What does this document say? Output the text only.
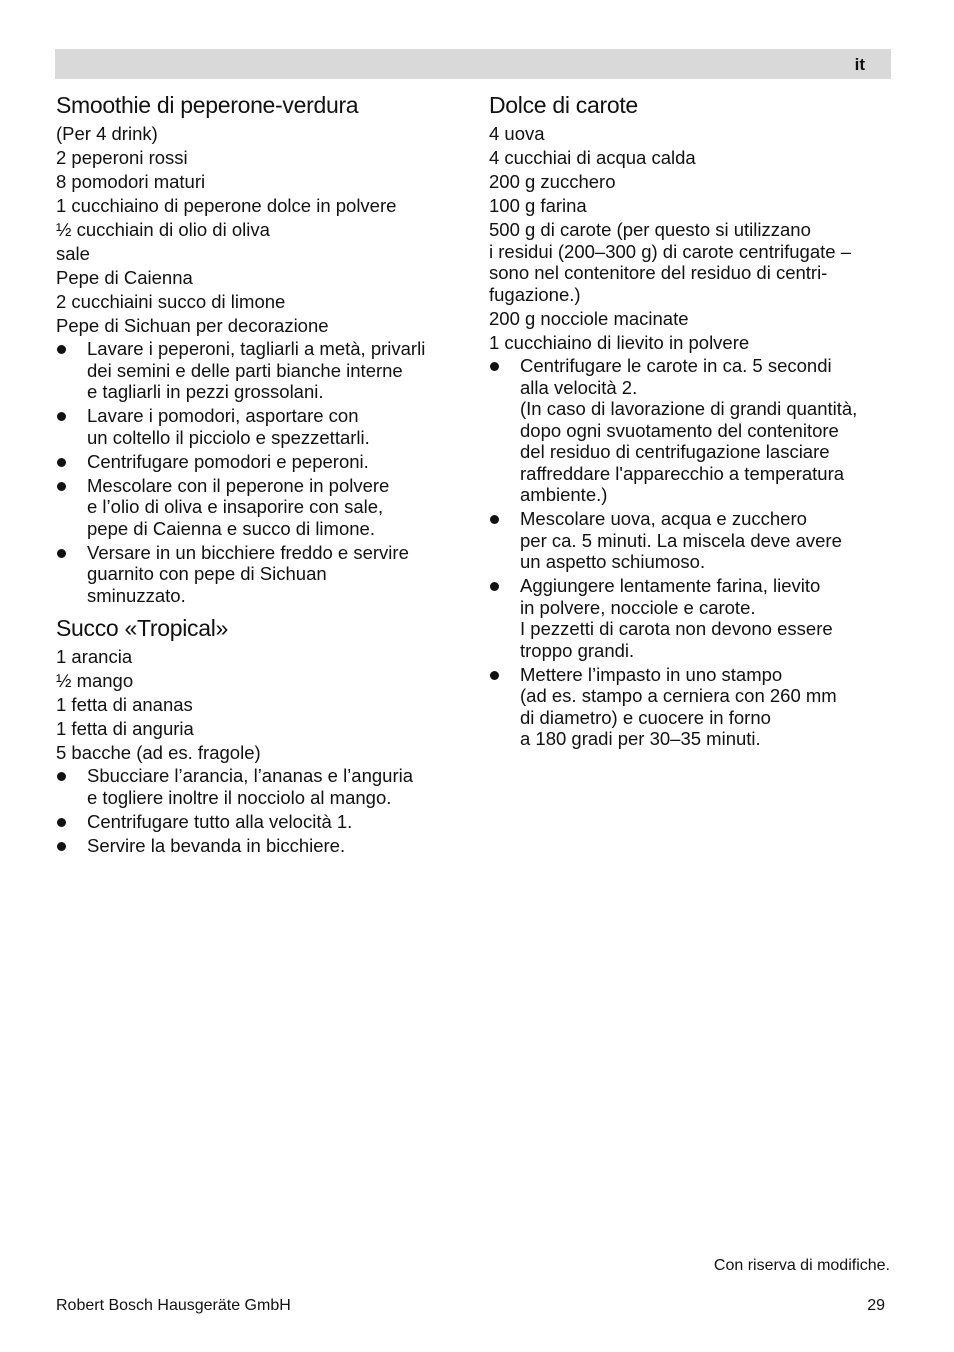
it
Smoothie di peperone-verdura

(Per 4 drink)

2 peperoni rossi

8 pomodori maturi

1 cucchiaino di peperone dolce in polvere

½ cucchiain di olio di oliva

sale

Pepe di Caienna

2 cucchiaini succo di limone

Pepe di Sichuan per decorazione

Lavare i peperoni, tagliarli a metà, privarli
dei semini e delle parti bianche interne
e tagliarli in pezzi grossolani.
Lavare i pomodori, asportare con
un coltello il picciolo e spezzettarli.
Centrifugare pomodori e peperoni.
Mescolare con il peperone in polvere
e l’olio di oliva e insaporire con sale,
pepe di Caienna e succo di limone.
Versare in un bicchiere freddo e servire
guarnito con pepe di Sichuan
sminuzzato.
Succo «Tropical»

1 arancia

½ mango

1 fetta di ananas

1 fetta di anguria

5 bacche (ad es. fragole)

Sbucciare l’arancia, l’ananas e l’anguria
e togliere inoltre il nocciolo al mango.
Centrifugare tutto alla velocità 1.
Servire la bevanda in bicchiere.
Dolce di carote

4 uova

4 cucchiai di acqua calda

200 g zucchero

100 g farina

500 g di carote (per questo si utilizzano
i residui (200–300 g) di carote centrifugate –
sono nel contenitore del residuo di centri-
fugazione.)

200 g nocciole macinate

1 cucchiaino di lievito in polvere

Centrifugare le carote in ca. 5 secondi
alla velocità 2.
(In caso di lavorazione di grandi quantità,
dopo ogni svuotamento del contenitore
del residuo di centrifugazione lasciare
raffreddare l'apparecchio a temperatura
ambiente.)
Mescolare uova, acqua e zucchero
per ca. 5 minuti. La miscela deve avere
un aspetto schiumoso.
Aggiungere lentamente farina, lievito
in polvere, nocciole e carote.
I pezzetti di carota non devono essere
troppo grandi.
Mettere l’impasto in uno stampo
(ad es. stampo a cerniera con 260 mm
di diametro) e cuocere in forno
a 180 gradi per 30–35 minuti.
Con riserva di modifiche.
Robert Bosch Hausgeräte GmbH	29
